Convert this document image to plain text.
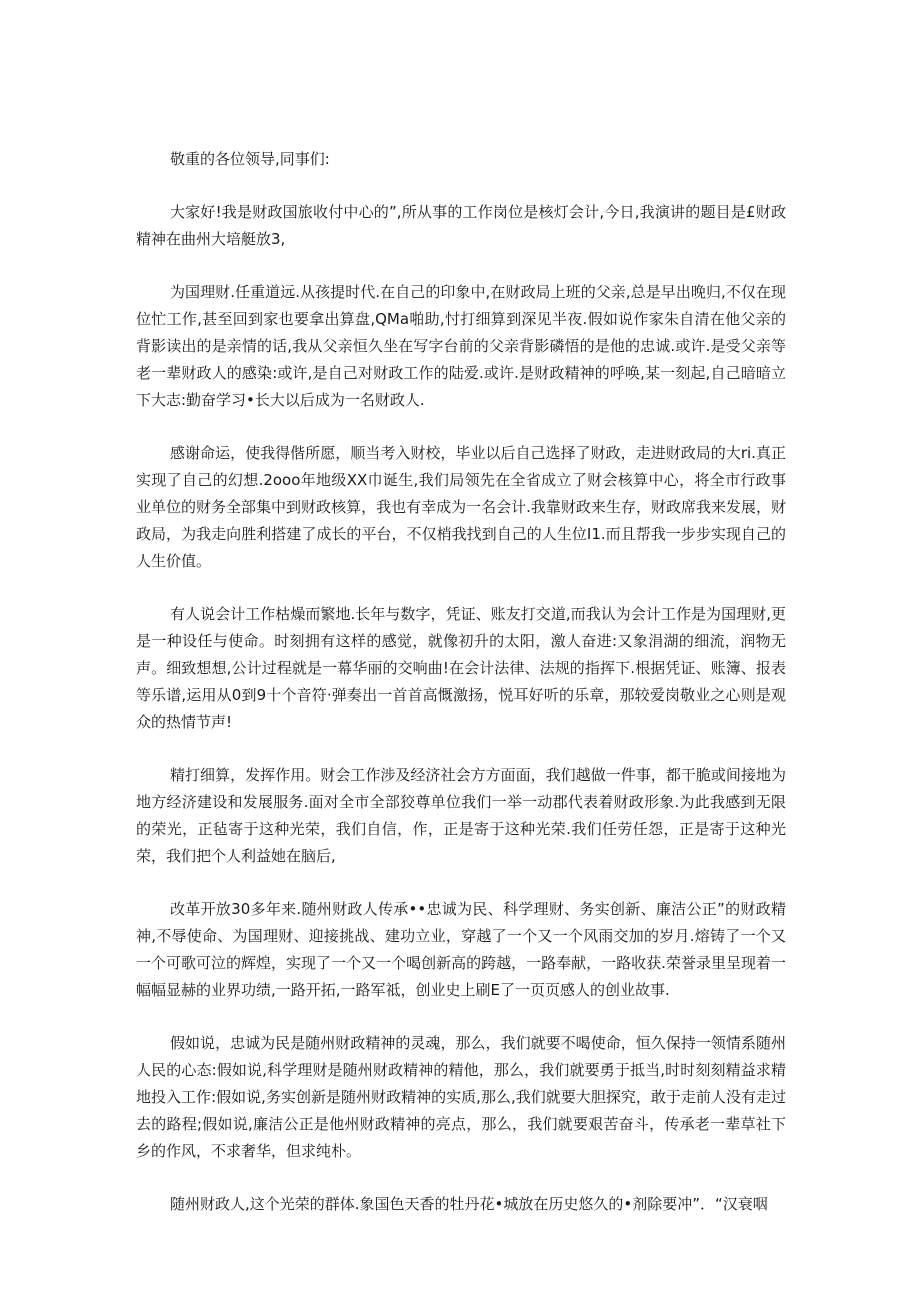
敬重的各位领导,同事们:

大家好!我是财政国旅收付中心的”,所从事的工作岗位是核灯会计,今日,我演讲的题目是£财政精神在曲州大培艇放3,

为国理财.任重道远.从孩提时代.在自己的印象中,在财政局上班的父亲,总是早出晚归,不仅在现位忙工作,甚至回到家也要拿出算盘,QMa啪助,忖打细算到深见半夜.假如说作家朱自清在他父亲的背影读出的是亲情的话,我从父亲恒久坐在写字台前的父亲背影磷悟的是他的忠诚.或许.是受父亲等老一辈财政人的感染:或许,是自己对财政工作的陆爱.或许.是财政精神的呼唤,某一刻起,自己暗暗立下大志:勤奋学习•长大以后成为一名财政人.

感谢命运，使我得偕所愿，顺当考入财校，毕业以后自己选择了财政，走进财政局的大ri.真正实现了自己的幻想.2ooo年地级XX巾诞生,我们局领先在全省成立了财会核算中心，将全市行政事业单位的财务全部集中到财政核算，我也有幸成为一名会计.我靠财政来生存，财政席我来发展，财政局，为我走向胜利搭建了成长的平台，不仅梢我找到自己的人生位I1.而且帮我一步步实现自己的人生价值。

有人说会计工作枯燥而繁地.长年与数字，凭证、账友打交道,而我认为会计工作是为国理财,更是一种设任与使命。时刻拥有这样的感觉，就像初升的太阳，激人奋进:又象涓湖的细流，润物无声。细致想想,公计过程就是一幕华丽的交响曲!在会计法律、法规的指挥下.根据凭证、账簿、报表等乐谱,运用从0到9十个音符·弹奏出一首首高慨激扬，悦耳好听的乐章，那较爱岗敬业之心则是观众的热情节声!

精打细算，发挥作用。财会工作涉及经济社会方方面面，我们越做一件事，都干脆或间接地为地方经济建设和发展服务.面对全市全部狡尊单位我们一举一动郡代表着财政形象.为此我感到无限的荣光，正毡寄于这种光荣，我们自信，作，正是寄于这种光荣.我们任劳任怨，正是寄于这种光荣，我们把个人利益她在脑后,

改革开放30多年来.随州财政人传承••忠诚为民、科学理财、务实创新、廉洁公正”的财政精神,不辱使命、为国理财、迎接挑战、建功立业，穿越了一个又一个风雨交加的岁月.熔铸了一个又一个可歌可泣的辉煌，实现了一个又一个喝创新高的跨越，一路奉献，一路收获.荣誉录里呈现着一幅幅显赫的业界功绩,一路开拓,一路军祗，创业史上刷E了一页页感人的创业故事.

假如说，忠诚为民是随州财政精神的灵魂，那么，我们就要不喝使命，恒久保持一领情系随州人民的心态:假如说,科学理财是随州财政精神的精他，那么，我们就要勇于抵当,时时刻刻精益求精地投入工作:假如说,务实创新是随州财政精神的实质,那么,我们就要大胆探究，敢于走前人没有走过去的路程;假如说,廉洁公正是他州财政精神的亮点，那么，我们就要艰苦奋斗，传承老一辈草社下乡的作风，不求奢华，但求纯朴。

随州财政人,这个光荣的群体.象国色天香的牡丹花•城放在历史悠久的•剂除要冲”．“汉衰咽
